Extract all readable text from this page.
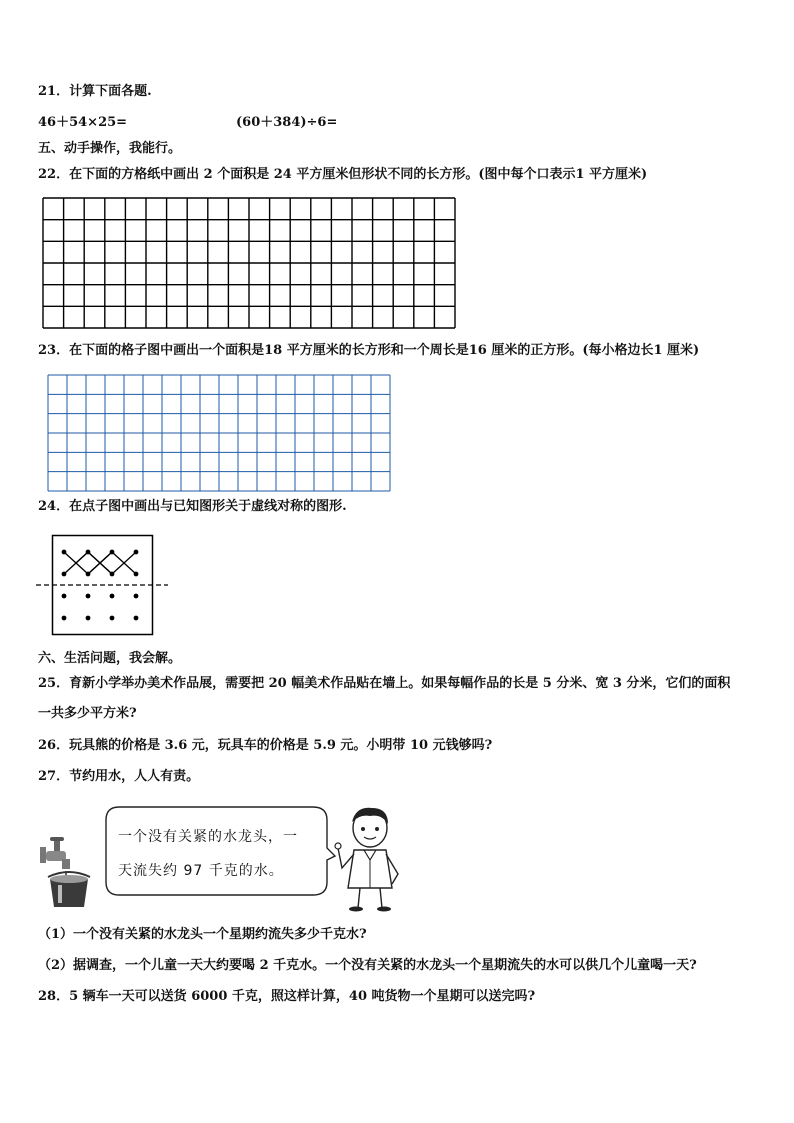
21．计算下面各题.
46＋54×25=	(60＋384)÷6=
五、动手操作，我能行。
22．在下面的方格纸中画出 2 个面积是 24 平方厘米但形状不同的长方形。(图中每个口表示1 平方厘米)
23．在下面的格子图中画出一个面积是18 平方厘米的长方形和一个周长是16 厘米的正方形。(每小格边长1 厘米)
24．在点子图中画出与已知图形关于虚线对称的图形.
六、生活问题，我会解。
25．育新小学举办美术作品展，需要把 20 幅美术作品贴在墙上。如果每幅作品的长是 5 分米、宽 3 分米，它们的面积
一共多少平方米?
26．玩具熊的价格是 3.6 元，玩具车的价格是 5.9 元。小明带 10 元钱够吗?
27．节约用水，人人有责。
一个没有关紧的水龙头，一
天流失约 97 千克的水。
（1）一个没有关紧的水龙头一个星期约流失多少千克水?
（2）据调查，一个儿童一天大约要喝 2 千克水。一个没有关紧的水龙头一个星期流失的水可以供几个儿童喝一天?
28．5 辆车一天可以送货 6000 千克，照这样计算，40 吨货物一个星期可以送完吗?
